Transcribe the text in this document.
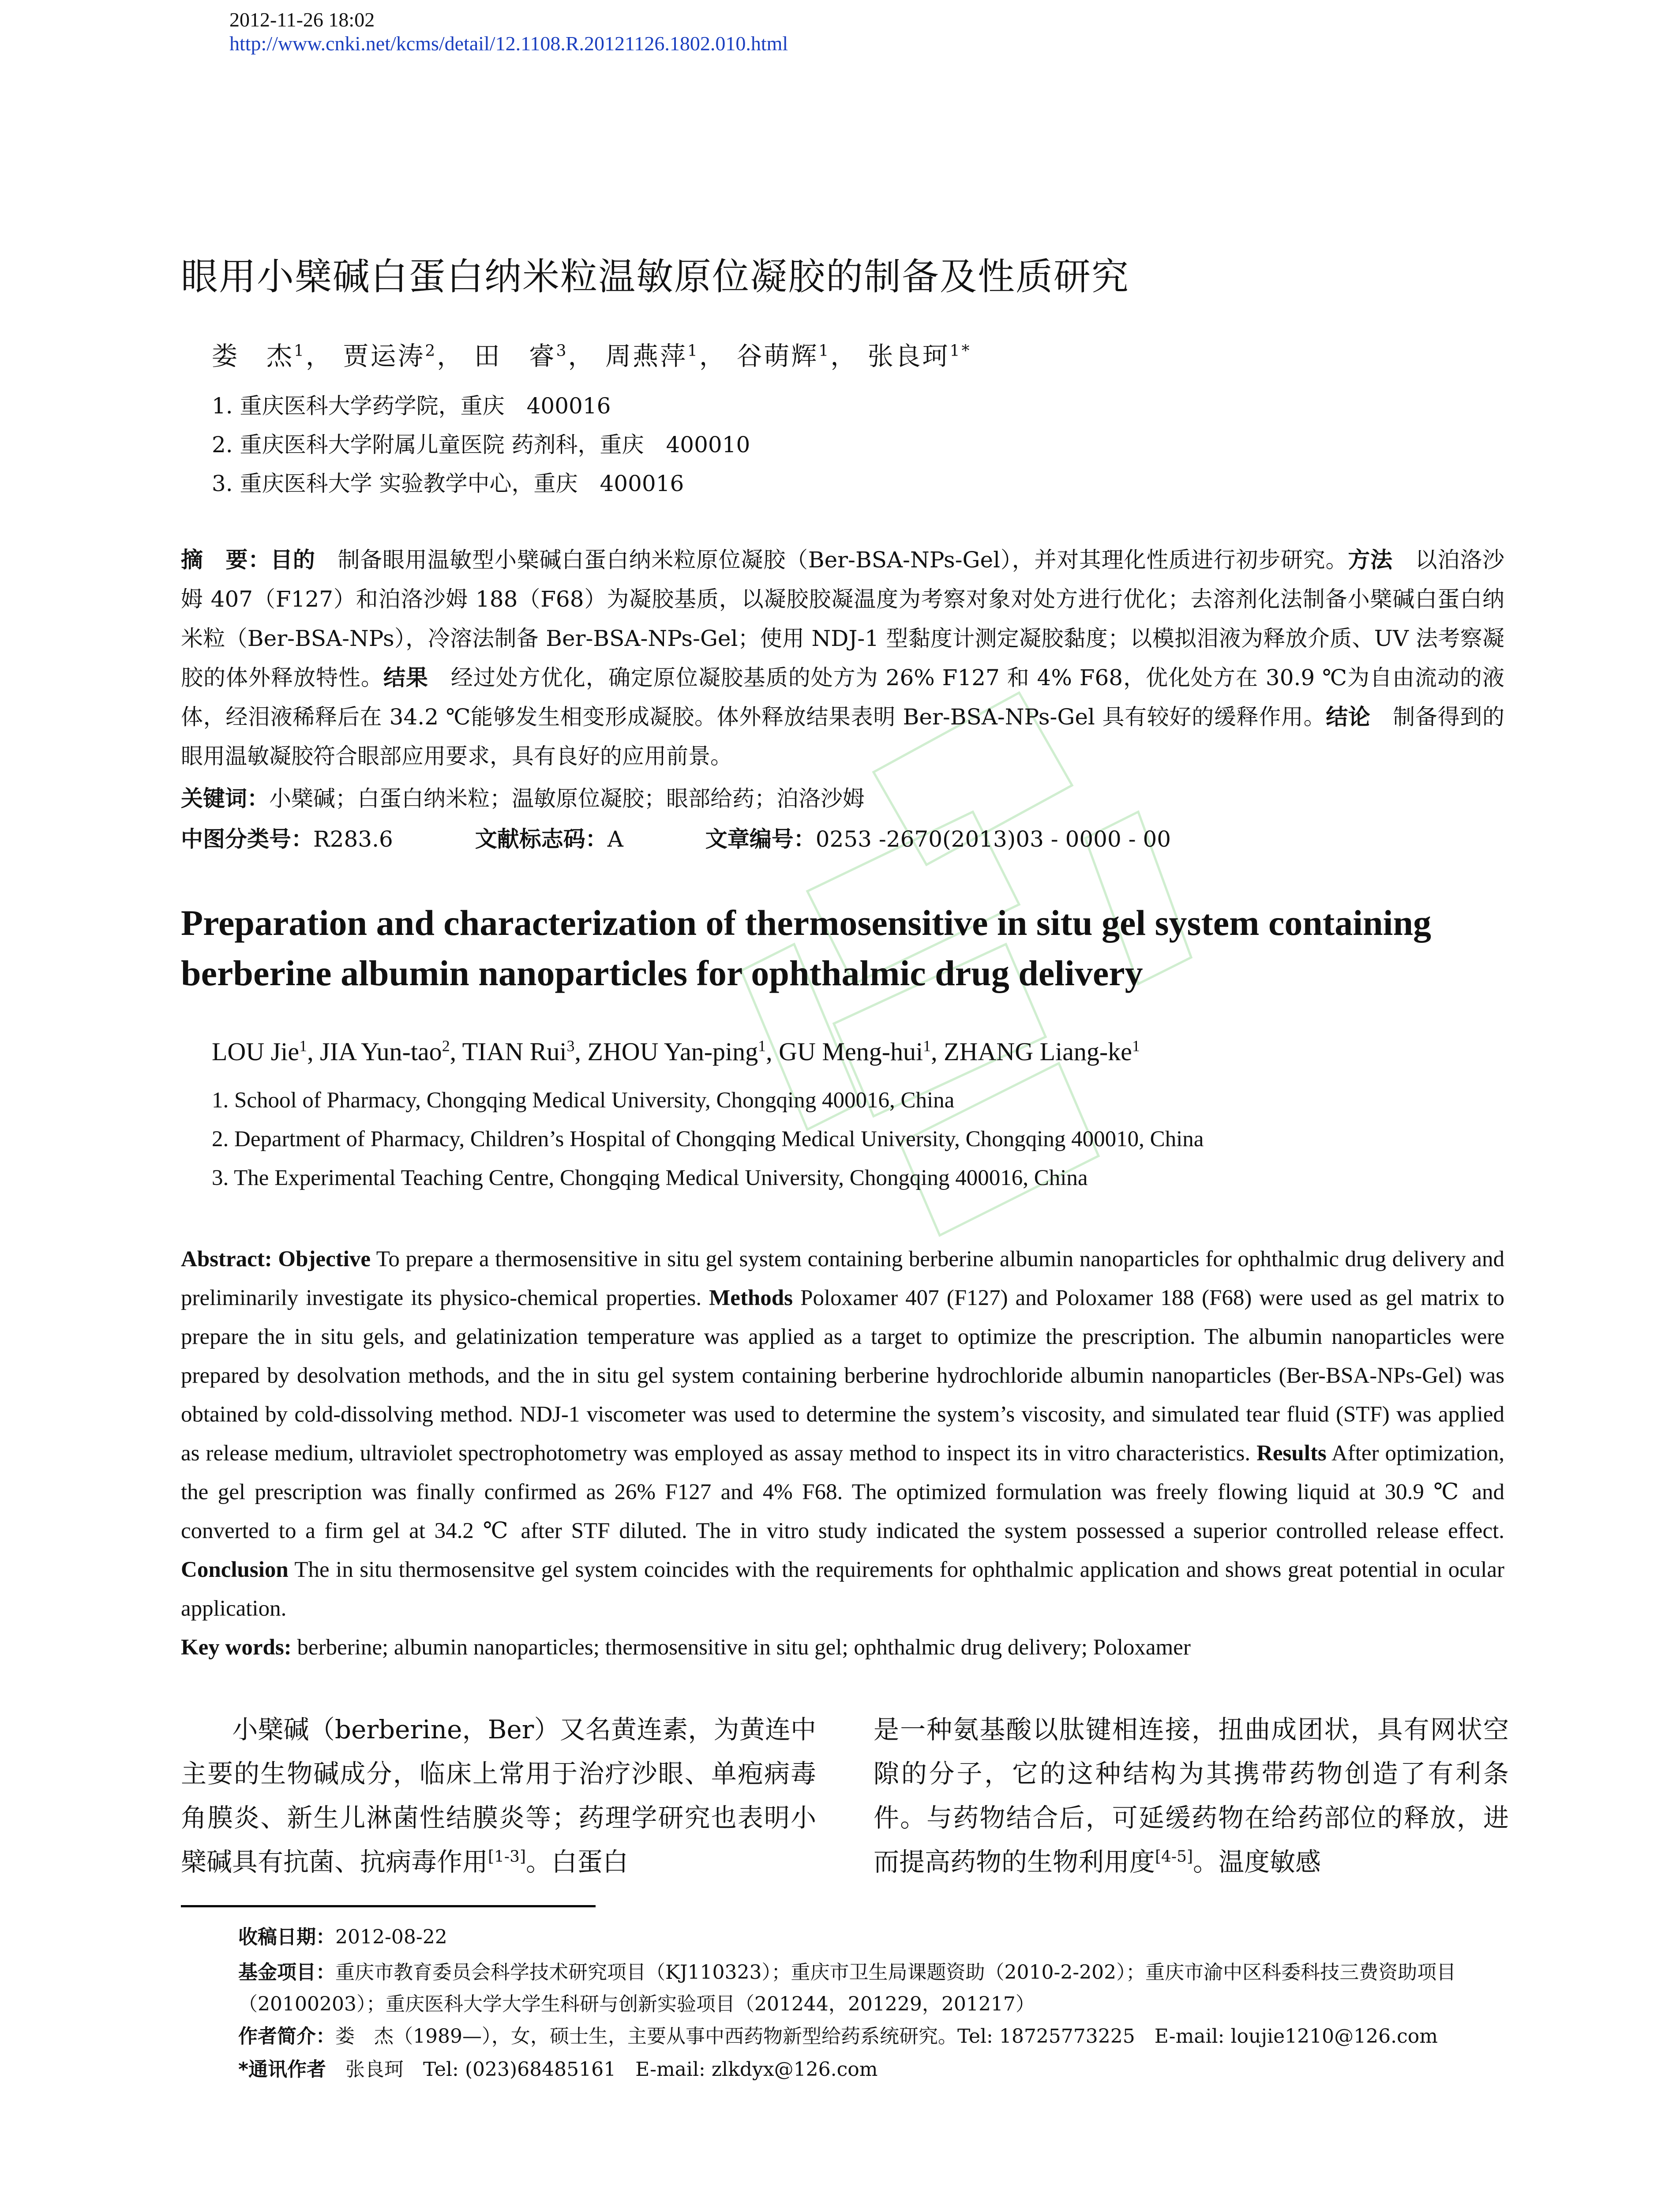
2012-11-26 18:02
http://www.cnki.net/kcms/detail/12.1108.R.20121126.1802.010.html
眼用小檗碱白蛋白纳米粒温敏原位凝胶的制备及性质研究
娄　杰$^1$， 贾运涛$^2$， 田　睿$^3$， 周燕萍$^1$， 谷萌辉$^1$， 张良珂$^{1*}$
1. 重庆医科大学药学院，重庆　400016
2. 重庆医科大学附属儿童医院 药剂科，重庆　400010
3. 重庆医科大学 实验教学中心，重庆　400016
摘　要：目的　制备眼用温敏型小檗碱白蛋白纳米粒原位凝胶（Ber-BSA-NPs-Gel），并对其理化性质进行初步研究。方法　以泊洛沙姆 407（F127）和泊洛沙姆 188（F68）为凝胶基质，以凝胶胶凝温度为考察对象对处方进行优化；去溶剂化法制备小檗碱白蛋白纳米粒（Ber-BSA-NPs），冷溶法制备 Ber-BSA-NPs-Gel；使用 NDJ-1 型黏度计测定凝胶黏度；以模拟泪液为释放介质、UV 法考察凝胶的体外释放特性。结果　经过处方优化，确定原位凝胶基质的处方为 26% F127 和 4% F68，优化处方在 30.9 ℃为自由流动的液体，经泪液稀释后在 34.2 ℃能够发生相变形成凝胶。体外释放结果表明 Ber-BSA-NPs-Gel 具有较好的缓释作用。结论　制备得到的眼用温敏凝胶符合眼部应用要求，具有良好的应用前景。
关键词：小檗碱；白蛋白纳米粒；温敏原位凝胶；眼部给药；泊洛沙姆
中图分类号：R283.6	文献标志码：A	文章编号：0253 -2670(2013)03 - 0000 - 00
Preparation and characterization of thermosensitive in situ gel system containing berberine albumin nanoparticles for ophthalmic drug delivery
LOU Jie$^1$, JIA Yun-tao$^2$, TIAN Rui$^3$, ZHOU Yan-ping$^1$, GU Meng-hui$^1$, ZHANG Liang-$ke^1$
1. School of Pharmacy, Chongqing Medical University, Chongqing 400016, China
2. Department of Pharmacy, Children’s Hospital of Chongqing Medical University, Chongqing 400010, China
3. The Experimental Teaching Centre, Chongqing Medical University, Chongqing 400016, China
Abstract: Objective To prepare a thermosensitive in situ gel system containing berberine albumin nanoparticles for ophthalmic drug delivery and preliminarily investigate its physico-chemical properties. Methods Poloxamer 407 (F127) and Poloxamer 188 (F68) were used as gel matrix to prepare the in situ gels, and gelatinization temperature was applied as a target to optimize the prescription. The albumin nanoparticles were prepared by desolvation methods, and the in situ gel system containing berberine hydrochloride albumin nanoparticles (Ber-BSA-NPs-Gel) was obtained by cold-dissolving method. NDJ-1 viscometer was used to determine the system’s viscosity, and simulated tear fluid (STF) was applied as release medium, ultraviolet spectrophotometry was employed as assay method to inspect its in vitro characteristics. Results After optimization, the gel prescription was finally confirmed as 26% F127 and 4% F68. The optimized formulation was freely flowing liquid at 30.9 ℃ and converted to a firm gel at 34.2 ℃ after STF diluted. The in vitro study indicated the system possessed a superior controlled release effect. Conclusion The in situ thermosensitve gel system coincides with the requirements for ophthalmic application and shows great potential in ocular application.
Key words: berberine; albumin nanoparticles; thermosensitive in situ gel; ophthalmic drug delivery; Poloxamer
　　小檗碱（berberine，Ber）又名黄连素，为黄连中主要的生物碱成分，临床上常用于治疗沙眼、单疱病毒角膜炎、新生儿淋菌性结膜炎等；药理学研究也表明小檗碱具有抗菌、抗病毒作用[1-3]。白蛋白
是一种氨基酸以肽键相连接，扭曲成团状，具有网状空隙的分子，它的这种结构为其携带药物创造了有利条件。与药物结合后，可延缓药物在给药部位的释放，进而提高药物的生物利用度[4-5]。温度敏感
收稿日期：2012-08-22
基金项目：重庆市教育委员会科学技术研究项目（KJ110323）；重庆市卫生局课题资助（2010-2-202）；重庆市渝中区科委科技三费资助项目（20100203）；重庆医科大学大学生科研与创新实验项目（201244，201229，201217）
作者简介：娄　杰（1989—），女，硕士生，主要从事中西药物新型给药系统研究。Tel: 18725773225　E-mail: loujie1210@126.com
*通讯作者　张良珂　Tel: (023)68485161　E-mail: zlkdyx@126.com
